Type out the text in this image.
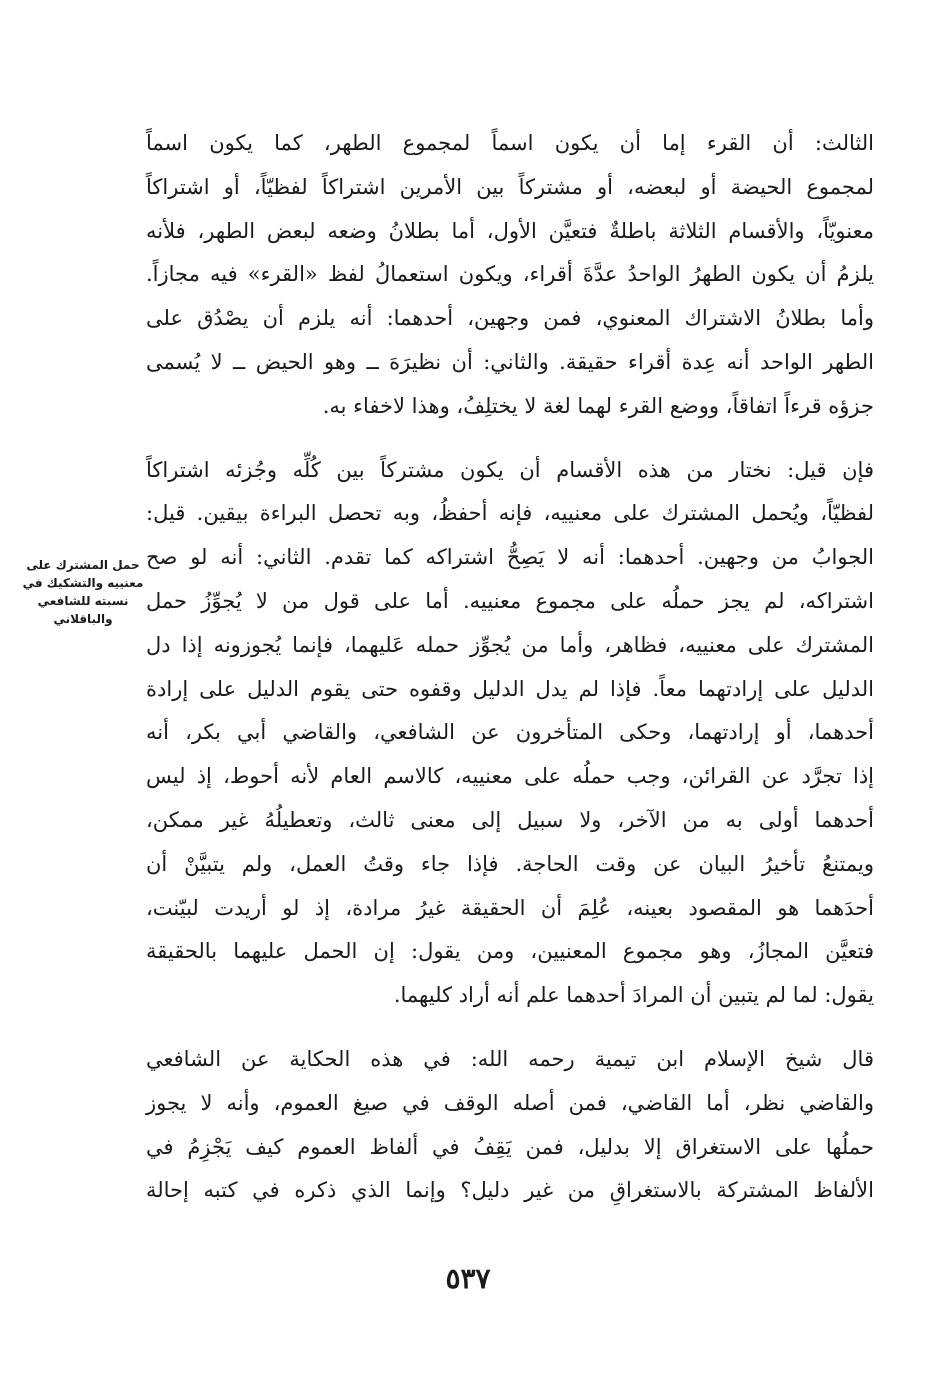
الثالث: أن القرء إما أن يكون اسماً لمجموع الطهر، كما يكون اسماً
لمجموع الحيضة أو لبعضه، أو مشتركاً بين الأمرين اشتراكاً لفظيّاً، أو اشتراكاً
معنويّاً، والأقسام الثلاثة باطلةٌ فتعيَّن الأول، أما بطلانُ وضعه لبعض الطهر، فلأنه
يلزمُ أن يكون الطهرُ الواحدُ عدَّةَ أقراء، ويكون استعمالُ لفظ «القرء» فيه مجازاً.
وأما بطلانُ الاشتراك المعنوي، فمن وجهين، أحدهما: أنه يلزم أن يصْدُق على
الطهر الواحد أنه عِدة أقراء حقيقة. والثاني: أن نظيرَهَ ــ وهو الحيض ــ لا يُسمى
جزؤه قرءاً اتفاقاً، ووضع القرء لهما لغة لا يختلِفُ، وهذا لاخفاء به.
فإن قيل: نختار من هذه الأقسام أن يكون مشتركاً بين كُلِّه وجُزئه اشتراكاً
لفظيّاً، ويُحمل المشترك على معنييه، فإنه أحفظُ، وبه تحصل البراءة بيقين. قيل:
الجوابُ من وجهين. أحدهما: أنه لا يَصِحُّ اشتراكه كما تقدم. الثاني: أنه لو صح
اشتراكه، لم يجز حملُه على مجموع معنييه. أما على قول من لا يُجوِّزُ حمل
المشترك على معنييه، فظاهر، وأما من يُجوِّز حمله عَليهما، فإنما يُجوزونه إذا دل
الدليل على إرادتهما معاً. فإذا لم يدل الدليل وقفوه حتى يقوم الدليل على إرادة
أحدهما، أو إرادتهما، وحكى المتأخرون عن الشافعي، والقاضي أبي بكر، أنه
إذا تجرَّد عن القرائن، وجب حملُه على معنييه، كالاسم العام لأنه أحوط، إذ ليس
أحدهما أولى به من الآخر، ولا سبيل إلى معنى ثالث، وتعطيلُهُ غير ممكن،
ويمتنعُ تأخيرُ البيان عن وقت الحاجة. فإذا جاء وقتُ العمل، ولم يتبيَّنْ أن
أحدَهما هو المقصود بعينه، عُلِمَ أن الحقيقة غيرُ مرادة، إذ لو أريدت لبيّنت،
فتعيَّن المجازُ، وهو مجموع المعنيين، ومن يقول: إن الحمل عليهما بالحقيقة
يقول: لما لم يتبين أن المرادَ أحدهما علم أنه أراد كليهما.
قال شيخ الإسلام ابن تيمية رحمه الله: في هذه الحكاية عن الشافعي
والقاضي نظر، أما القاضي، فمن أصله الوقف في صيغ العموم، وأنه لا يجوز
حملُها على الاستغراق إلا بدليل، فمن يَقِفُ في ألفاظ العموم كيف يَجْزِمُ في
الألفاظ المشتركة بالاستغراقِ من غير دليل؟ وإنما الذي ذكره في كتبه إحالة
حمل المشترك على
معنييه والتشكيك في
نسبته للشافعي
والباقلاني
٥٣٧
